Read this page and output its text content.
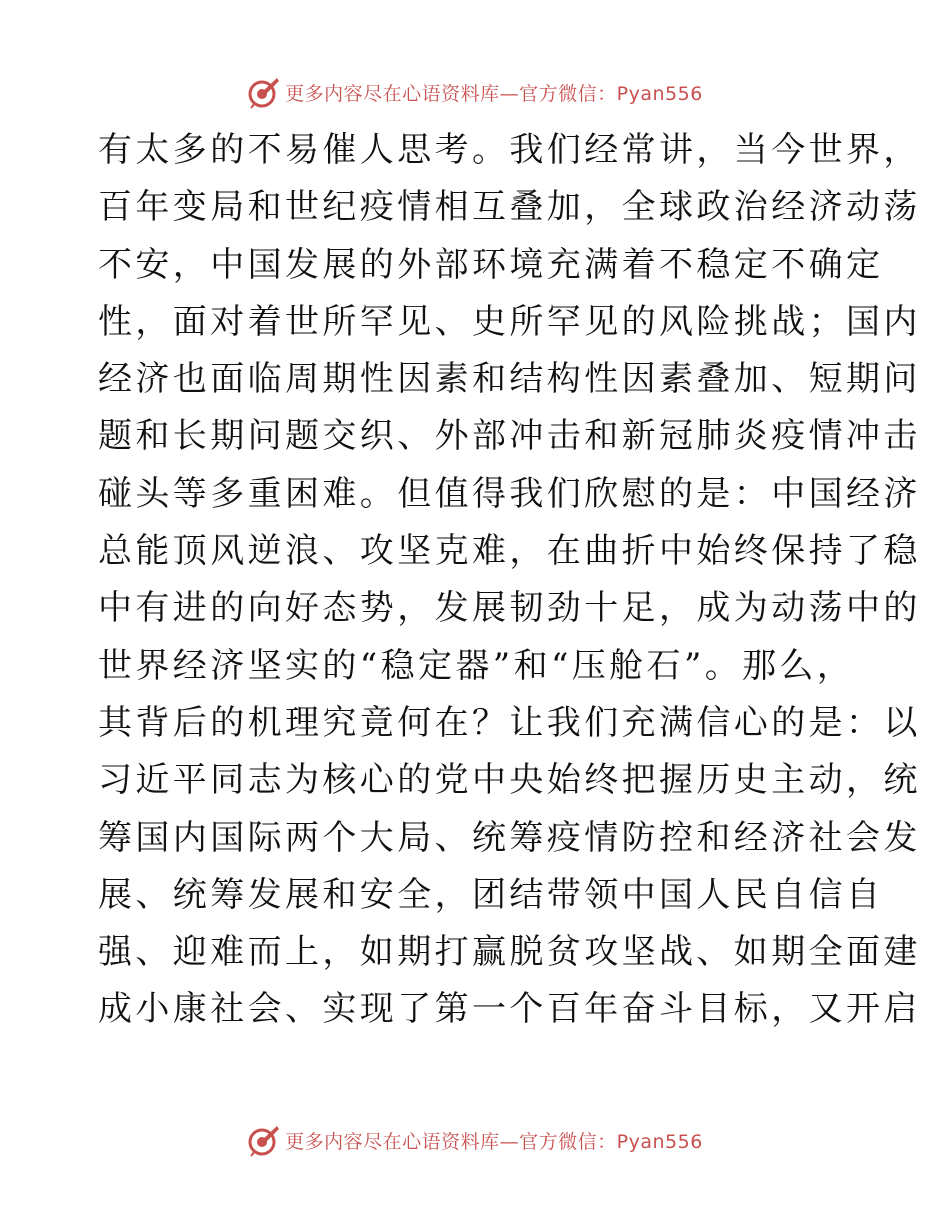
更多内容尽在心语资料库—官方微信：Pyan556
有太多的不易催人思考。我们经常讲，当今世界，
百年变局和世纪疫情相互叠加，全球政治经济动荡
不安，中国发展的外部环境充满着不稳定不确定
性，面对着世所罕见、史所罕见的风险挑战；国内
经济也面临周期性因素和结构性因素叠加、短期问
题和长期问题交织、外部冲击和新冠肺炎疫情冲击
碰头等多重困难。但值得我们欣慰的是：中国经济
总能顶风逆浪、攻坚克难，在曲折中始终保持了稳
中有进的向好态势，发展韧劲十足，成为动荡中的
世界经济坚实的“稳定器”和“压舱石”。那么，
其背后的机理究竟何在？让我们充满信心的是：以
习近平同志为核心的党中央始终把握历史主动，统
筹国内国际两个大局、统筹疫情防控和经济社会发
展、统筹发展和安全，团结带领中国人民自信自
强、迎难而上，如期打赢脱贫攻坚战、如期全面建
成小康社会、实现了第一个百年奋斗目标，又开启
更多内容尽在心语资料库—官方微信：Pyan556
